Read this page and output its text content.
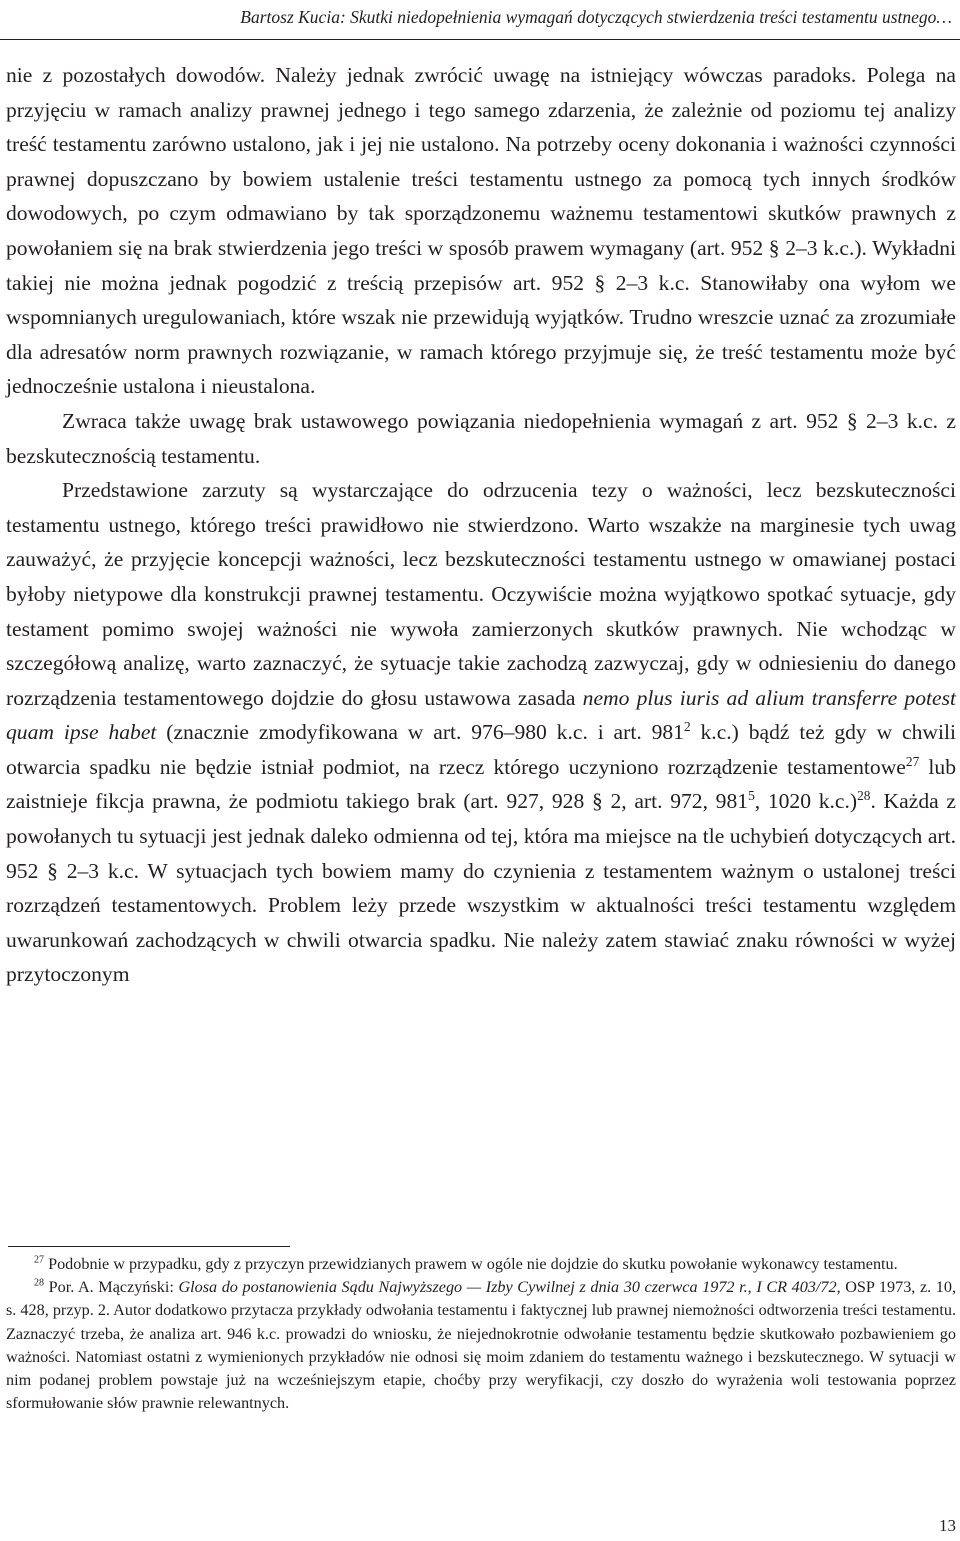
Bartosz Kucia: Skutki niedopełnienia wymagań dotyczących stwierdzenia treści testamentu ustnego…

nie z pozostałych dowodów. Należy jednak zwrócić uwagę na istniejący wówczas paradoks. Polega na przyjęciu w ramach analizy prawnej jednego i tego samego zdarzenia, że zależnie od poziomu tej analizy treść testamentu zarówno ustalono, jak i jej nie ustalono. Na potrzeby oceny dokonania i ważności czynności prawnej dopuszczano by bowiem ustalenie treści testamentu ustnego za pomocą tych innych środków dowodowych, po czym odmawiano by tak sporządzonemu ważnemu testamentowi skutków prawnych z powołaniem się na brak stwierdzenia jego treści w sposób prawem wymagany (art. 952 § 2–3 k.c.). Wykładni takiej nie można jednak pogodzić z treścią przepisów art. 952 § 2–3 k.c. Stanowiłaby ona wyłom we wspomnianych uregulowaniach, które wszak nie przewidują wyjątków. Trudno wreszcie uznać za zrozumiałe dla adresatów norm prawnych rozwiązanie, w ramach którego przyjmuje się, że treść testamentu może być jednocześnie ustalona i nieustalona.

Zwraca także uwagę brak ustawowego powiązania niedopełnienia wymagań z art. 952 § 2–3 k.c. z bezskutecznością testamentu.

Przedstawione zarzuty są wystarczające do odrzucenia tezy o ważności, lecz bezskuteczności testamentu ustnego, którego treści prawidłowo nie stwierdzono. Warto wszakże na marginesie tych uwag zauważyć, że przyjęcie koncepcji ważności, lecz bezskuteczności testamentu ustnego w omawianej postaci byłoby nietypowe dla konstrukcji prawnej testamentu. Oczywiście można wyjątkowo spotkać sytuacje, gdy testament pomimo swojej ważności nie wywoła zamierzonych skutków prawnych. Nie wchodząc w szczegółową analizę, warto zaznaczyć, że sytuacje takie zachodzą zazwyczaj, gdy w odniesieniu do danego rozrządzenia testamentowego dojdzie do głosu ustawowa zasada nemo plus iuris ad alium transferre potest quam ipse habet (znacznie zmodyfikowana w art. 976–980 k.c. i art. $981^2$ k.c.) bądź też gdy w chwili otwarcia spadku nie będzie istniał podmiot, na rzecz którego uczyniono rozrządzenie testamentowe$^{27}$ lub zaistnieje fikcja prawna, że podmiotu takiego brak (art. 927, 928 § 2, art. 972, $981^5$, 1020 k.c.)$^{28}$. Każda z powołanych tu sytuacji jest jednak daleko odmienna od tej, która ma miejsce na tle uchybień dotyczących art. 952 § 2–3 k.c. W sytuacjach tych bowiem mamy do czynienia z testamentem ważnym o ustalonej treści rozrządzeń testamentowych. Problem leży przede wszystkim w aktualności treści testamentu względem uwarunkowań zachodzących w chwili otwarcia spadku. Nie należy zatem stawiać znaku równości w wyżej przytoczonym

$^{27}$ Podobnie w przypadku, gdy z przyczyn przewidzianych prawem w ogóle nie dojdzie do skutku powołanie wykonawcy testamentu.

$^{28}$ Por. A. Mączyński: Glosa do postanowienia Sądu Najwyższego — Izby Cywilnej z dnia 30 czerwca 1972 r., I CR 403/72, OSP 1973, z. 10, s. 428, przyp. 2. Autor dodatkowo przytacza przykłady odwołania testamentu i faktycznej lub prawnej niemożności odtworzenia treści testamentu. Zaznaczyć trzeba, że analiza art. 946 k.c. prowadzi do wniosku, że niejednokrotnie odwołanie testamentu będzie skutkowało pozbawieniem go ważności. Natomiast ostatni z wymienionych przykładów nie odnosi się moim zdaniem do testamentu ważnego i bezskutecznego. W sytuacji w nim podanej problem powstaje już na wcześniejszym etapie, choćby przy weryfikacji, czy doszło do wyrażenia woli testowania poprzez sformułowanie słów prawnie relewantnych.

13
